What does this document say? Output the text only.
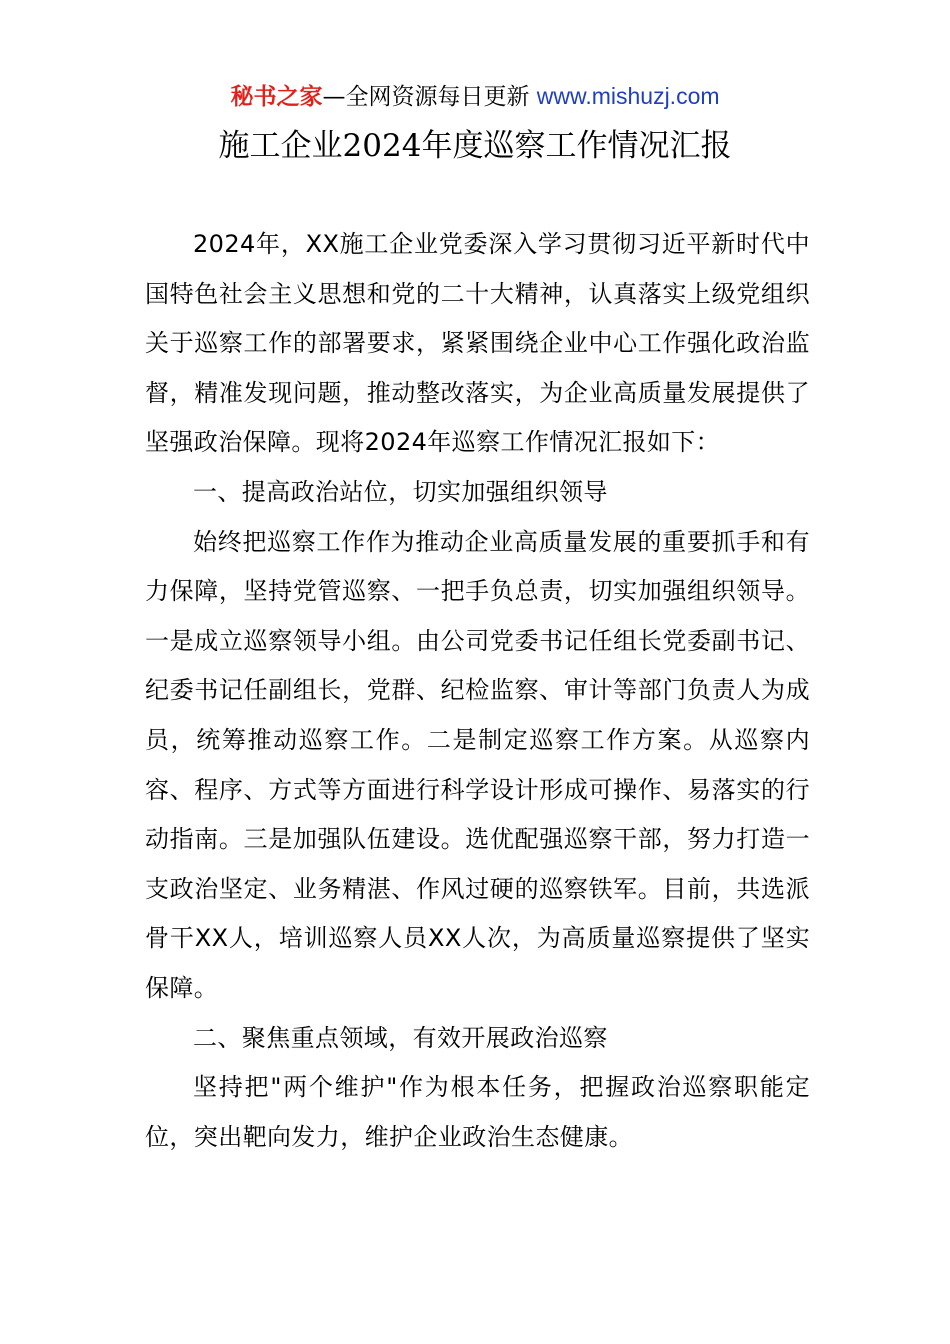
秘书之家—全网资源每日更新 www.mishuzj.com
施工企业2024年度巡察工作情况汇报

2024年，XX施工企业党委深入学习贯彻习近平新时代中国特色社会主义思想和党的二十大精神，认真落实上级党组织关于巡察工作的部署要求，紧紧围绕企业中心工作强化政治监督，精准发现问题，推动整改落实，为企业高质量发展提供了坚强政治保障。现将2024年巡察工作情况汇报如下：

一、提高政治站位，切实加强组织领导

始终把巡察工作作为推动企业高质量发展的重要抓手和有力保障，坚持党管巡察、一把手负总责，切实加强组织领导。一是成立巡察领导小组。由公司党委书记任组长党委副书记、纪委书记任副组长，党群、纪检监察、审计等部门负责人为成员，统筹推动巡察工作。二是制定巡察工作方案。从巡察内容、程序、方式等方面进行科学设计形成可操作、易落实的行动指南。三是加强队伍建设。选优配强巡察干部，努力打造一支政治坚定、业务精湛、作风过硬的巡察铁军。目前，共选派骨干XX人，培训巡察人员XX人次，为高质量巡察提供了坚实保障。

二、聚焦重点领域，有效开展政治巡察

坚持把"两个维护"作为根本任务，把握政治巡察职能定位，突出靶向发力，维护企业政治生态健康。
